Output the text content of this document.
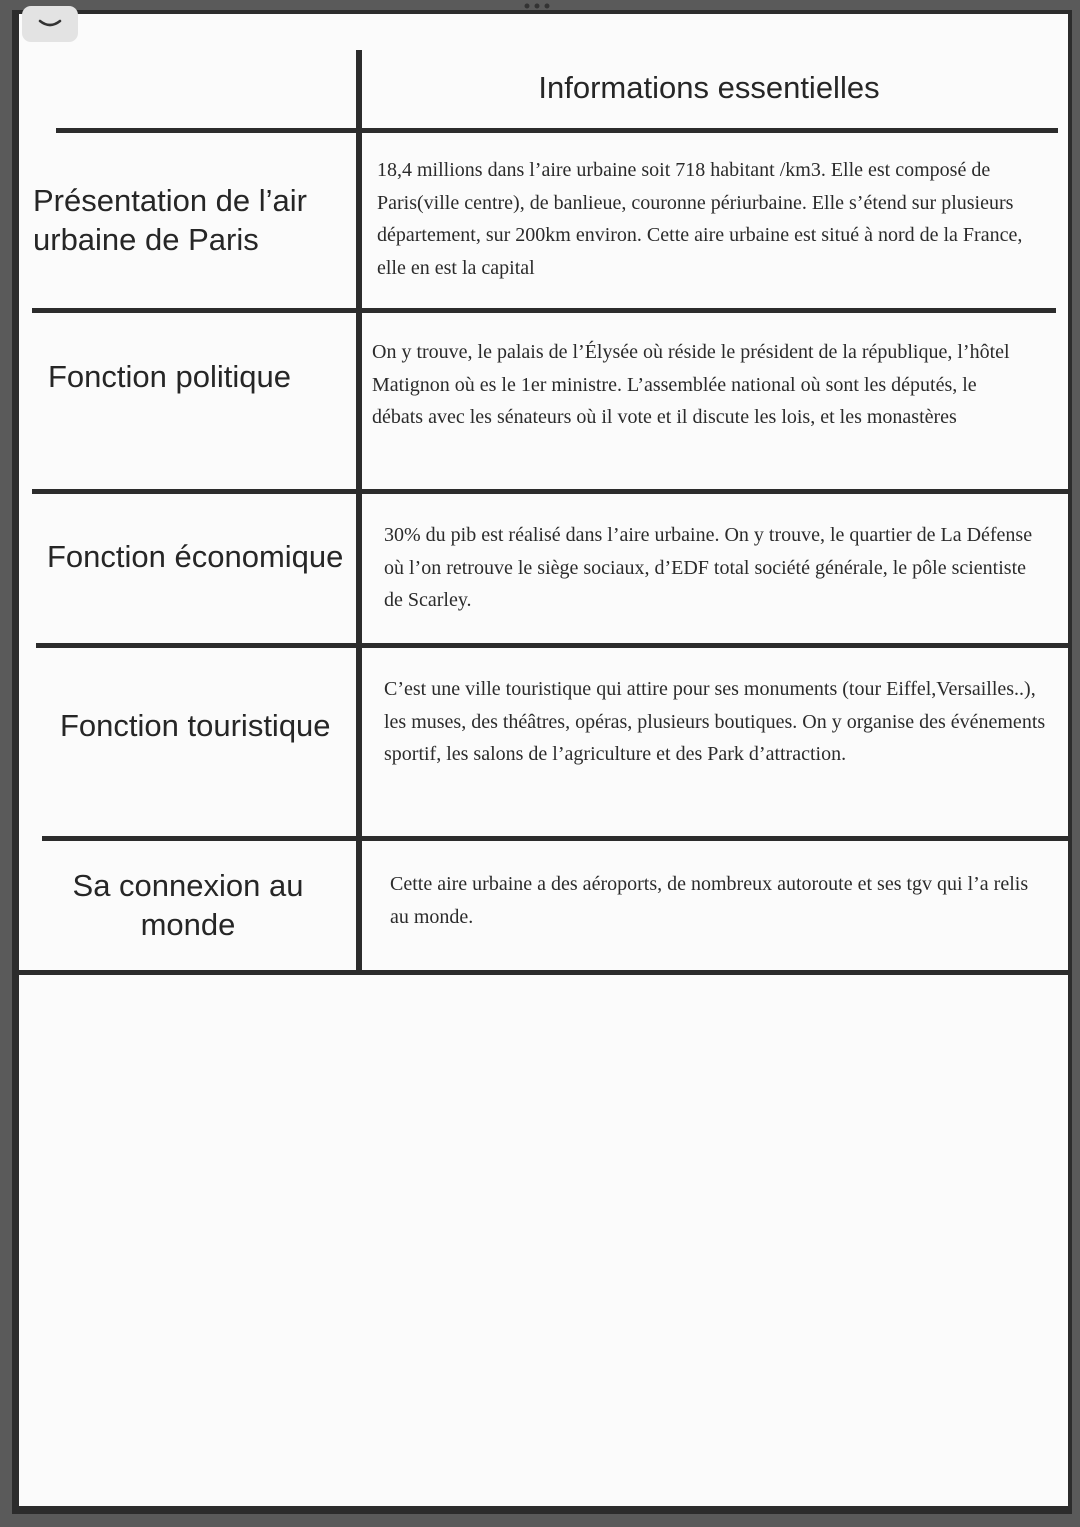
Informations essentielles
Présentation de l’air urbaine de Paris
Fonction politique
Fonction économique
Fonction touristique
Sa connexion au monde
18,4 millions dans l’aire urbaine soit 718 habitant /km3. Elle est composé de Paris(ville centre), de banlieue, couronne périurbaine. Elle s’étend sur plusieurs département, sur 200km environ. Cette aire urbaine est situé à nord de la France, elle en est la capital
On y trouve, le palais de l’Élysée où réside le président de la république, l’hôtel Matignon où es le 1er ministre. L’assemblée national où sont les députés, le débats avec les sénateurs où il vote et il discute les lois, et les monastères
30% du pib est réalisé dans l’aire urbaine. On y trouve, le quartier de La Défense où l’on retrouve le siège sociaux, d’EDF total société générale, le pôle scientiste de Scarley.
C’est une ville touristique qui attire pour ses monuments (tour Eiffel,Versailles..), les muses, des théâtres, opéras, plusieurs boutiques. On y organise des événements sportif, les salons de l’agriculture et des Park d’attraction.
Cette aire urbaine a des aéroports, de nombreux autoroute et ses tgv qui l’a relis au monde.
